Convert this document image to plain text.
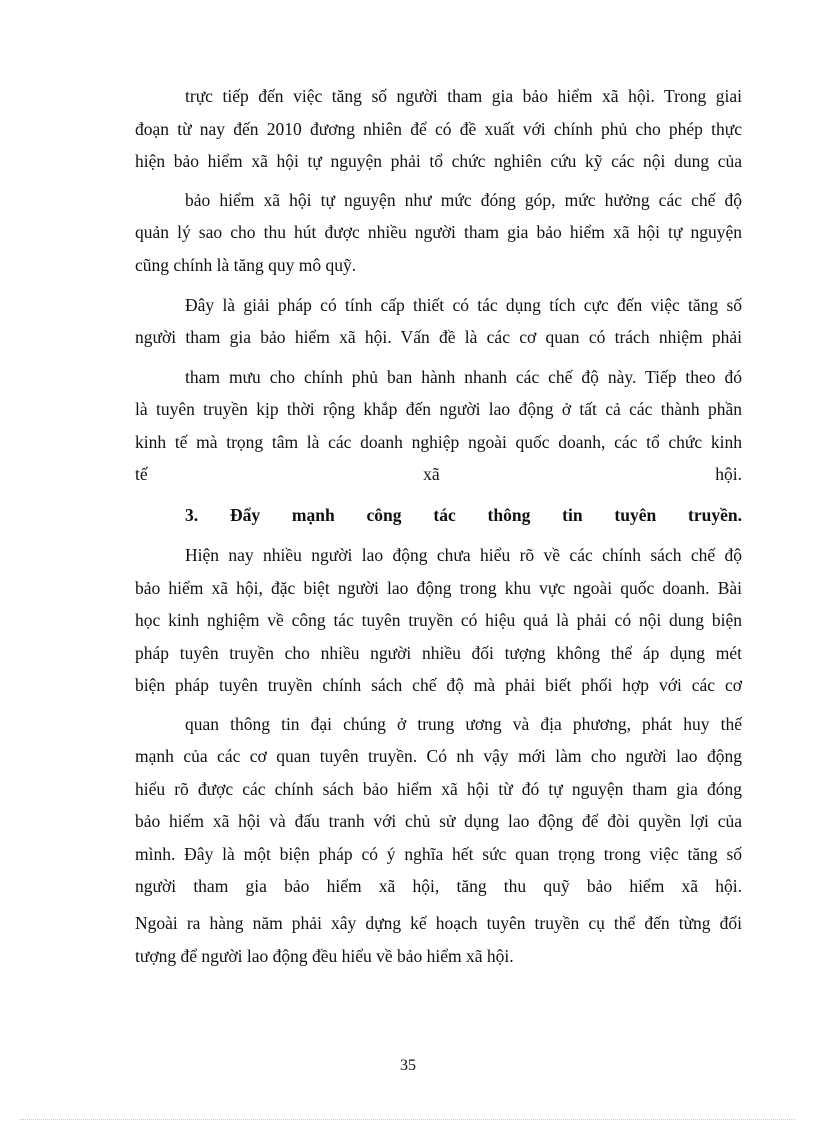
trực tiếp đến việc tăng số người tham gia bảo hiểm xã hội. Trong giai
đoạn từ nay đến 2010 đương nhiên để có đề xuất với chính phủ cho phép thực
hiện bảo hiểm xã hội tự nguyện phải tổ chức nghiên cứu kỹ các nội dung của
bảo hiểm xã hội tự nguyện như mức đóng góp, mức hưởng các chế độ
quản lý sao cho thu hút được nhiều người tham gia bảo hiểm xã hội tự nguyện
cũng chính là tăng quy mô quỹ.
Đây là giải pháp có tính cấp thiết có tác dụng tích cực đến việc tăng số
người tham gia bảo hiểm xã hội. Vấn đề là các cơ quan có trách nhiệm phải
tham mưu cho chính phủ ban hành nhanh các chế độ này. Tiếp theo đó
là tuyên truyền kịp thời rộng khắp đến người lao động ở tất cả các thành phần
kinh tế mà trọng tâm là các doanh nghiệp ngoài quốc doanh, các tổ chức kinh
tế xã hội.
3. Đẩy mạnh công tác thông tin tuyên truyền.
Hiện nay nhiều người lao động chưa hiểu rõ về các chính sách chế độ
bảo hiểm xã hội, đặc biệt người lao động trong khu vực ngoài quốc doanh. Bài
học kinh nghiệm về công tác tuyên truyền có hiệu quả là phải có nội dung biện
pháp tuyên truyền cho nhiều người nhiều đối tượng không thể áp dụng mét
biện pháp tuyên truyền chính sách chế độ mà phải biết phối hợp với các cơ
quan thông tin đại chúng ở trung ương và địa phương, phát huy thế
mạnh của các cơ quan tuyên truyền. Có nh vậy mới làm cho người lao động
hiểu rõ được các chính sách bảo hiểm xã hội từ đó tự nguyện tham gia đóng
bảo hiểm xã hội và đấu tranh với chủ sử dụng lao động để đòi quyền lợi của
mình. Đây là một biện pháp có ý nghĩa hết sức quan trọng trong việc tăng số
người tham gia bảo hiểm xã hội, tăng thu quỹ bảo hiểm xã hội.
Ngoài ra hàng năm phải xây dựng kế hoạch tuyên truyền cụ thể đến từng đối
tượng để người lao động đều hiểu về bảo hiểm xã hội.
35
